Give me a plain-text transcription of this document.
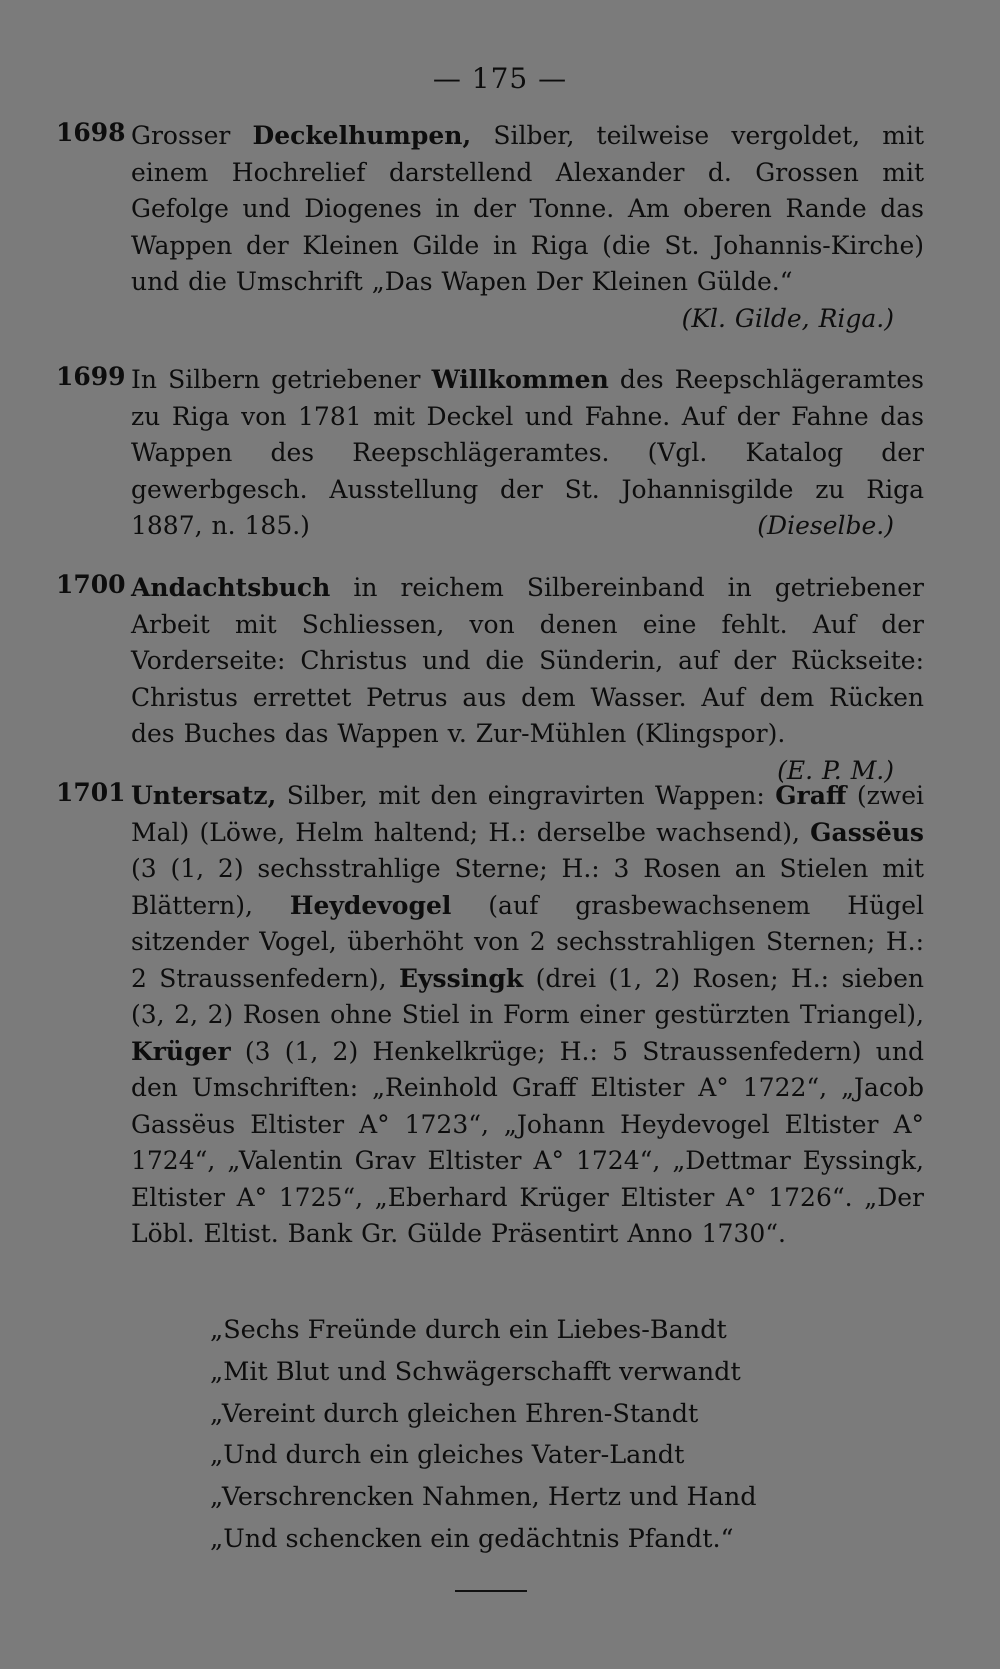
— 175 —
1698 Grosser Deckelhumpen, Silber, teilweise vergoldet, mit einem Hochrelief darstellend Alexander d. Grossen mit Gefolge und Diogenes in der Tonne. Am oberen Rande das Wappen der Kleinen Gilde in Riga (die St. Johannis-Kirche) und die Umschrift „Das Wapen Der Kleinen Gülde.“
(Kl. Gilde, Riga.)
1699 In Silbern getriebener Willkommen des Reepschlägeramtes zu Riga von 1781 mit Deckel und Fahne. Auf der Fahne das Wappen des Reepschlägeramtes. (Vgl. Katalog der gewerbgesch. Ausstellung der St. Johannisgilde zu Riga 1887, n. 185.)	(Dieselbe.)
1700 Andachtsbuch in reichem Silbereinband in getriebener Arbeit mit Schliessen, von denen eine fehlt. Auf der Vorderseite: Christus und die Sünderin, auf der Rückseite: Christus errettet Petrus aus dem Wasser. Auf dem Rücken des Buches das Wappen v. Zur-Mühlen (Klingspor).
(E. P. M.)
1701 Untersatz, Silber, mit den eingravirten Wappen: Graff (zwei Mal) (Löwe, Helm haltend; H.: derselbe wachsend), Gassëus (3 (1, 2) sechsstrahlige Sterne; H.: 3 Rosen an Stielen mit Blättern), Heydevogel (auf grasbewachsenem Hügel sitzender Vogel, überhöht von 2 sechsstrahligen Sternen; H.: 2 Straussenfedern), Eyssingk (drei (1, 2) Rosen; H.: sieben (3, 2, 2) Rosen ohne Stiel in Form einer gestürzten Triangel), Krüger (3 (1, 2) Henkelkrüge; H.: 5 Straussenfedern) und den Umschriften: „Reinhold Graff Eltister A° 1722“, „Jacob Gassëus Eltister A° 1723“, „Johann Heydevogel Eltister A° 1724“, „Valentin Grav Eltister A° 1724“, „Dettmar Eyssingk, Eltister A° 1725“, „Eberhard Krüger Eltister A° 1726“. „Der Löbl. Eltist. Bank Gr. Gülde Präsentirt Anno 1730“.
„Sechs Freünde durch ein Liebes-Bandt
„Mit Blut und Schwägerschafft verwandt
„Vereint durch gleichen Ehren-Standt
„Und durch ein gleiches Vater-Landt
„Verschrencken Nahmen, Hertz und Hand
„Und schencken ein gedächtnis Pfandt.“
